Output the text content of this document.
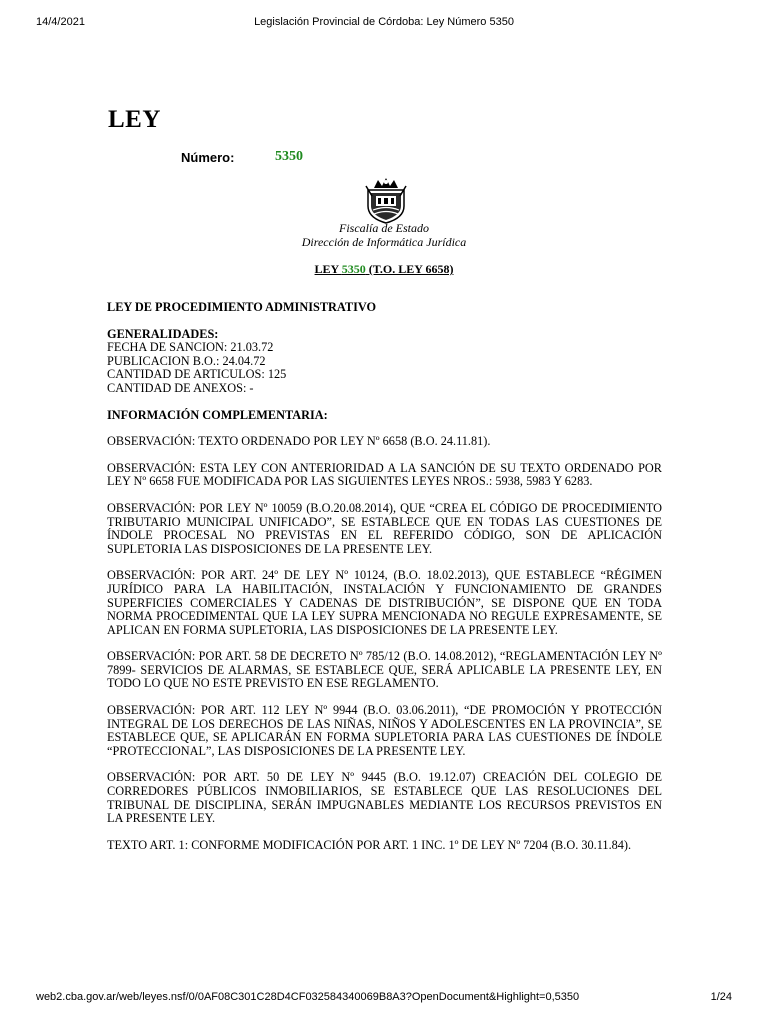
14/4/2021	Legislación Provincial de Córdoba: Ley Número 5350
LEY
Número:	5350
Fiscalía de Estado
Dirección de Informática Jurídica
LEY 5350 (T.O. LEY 6658)

LEY DE PROCEDIMIENTO ADMINISTRATIVO

GENERALIDADES:

FECHA DE SANCION: 21.03.72

PUBLICACION B.O.: 24.04.72

CANTIDAD DE ARTICULOS: 125

CANTIDAD DE ANEXOS: -

INFORMACIÓN COMPLEMENTARIA:

OBSERVACIÓN: TEXTO ORDENADO POR LEY Nº 6658 (B.O. 24.11.81).

OBSERVACIÓN: ESTA LEY CON ANTERIORIDAD A LA SANCIÓN DE SU TEXTO ORDENADO POR LEY Nº 6658 FUE MODIFICADA POR LAS SIGUIENTES LEYES NROS.: 5938, 5983 Y 6283.

OBSERVACIÓN: POR LEY Nº 10059 (B.O.20.08.2014), QUE “CREA EL CÓDIGO DE PROCEDIMIENTO TRIBUTARIO MUNICIPAL UNIFICADO”, SE ESTABLECE QUE EN TODAS LAS CUESTIONES DE ÍNDOLE PROCESAL NO PREVISTAS EN EL REFERIDO CÓDIGO, SON DE APLICACIÓN SUPLETORIA LAS DISPOSICIONES DE LA PRESENTE LEY.

OBSERVACIÓN: POR ART. 24º DE LEY Nº 10124, (B.O. 18.02.2013), QUE ESTABLECE “RÉGIMEN JURÍDICO PARA LA HABILITACIÓN, INSTALACIÓN Y FUNCIONAMIENTO DE GRANDES SUPERFICIES COMERCIALES Y CADENAS DE DISTRIBUCIÓN”, SE DISPONE QUE EN TODA NORMA PROCEDIMENTAL QUE LA LEY SUPRA MENCIONADA NO REGULE EXPRESAMENTE, SE APLICAN EN FORMA SUPLETORIA, LAS DISPOSICIONES DE LA PRESENTE LEY.

OBSERVACIÓN: POR ART. 58 DE DECRETO Nº 785/12 (B.O. 14.08.2012), “REGLAMENTACIÓN LEY Nº 7899- SERVICIOS DE ALARMAS, SE ESTABLECE QUE, SERÁ APLICABLE LA PRESENTE LEY, EN TODO LO QUE NO ESTE PREVISTO EN ESE REGLAMENTO.

OBSERVACIÓN: POR ART. 112 LEY Nº 9944 (B.O. 03.06.2011), “DE PROMOCIÓN Y PROTECCIÓN INTEGRAL DE LOS DERECHOS DE LAS NIÑAS, NIÑOS Y ADOLESCENTES EN LA PROVINCIA”, SE ESTABLECE QUE, SE APLICARÁN EN FORMA SUPLETORIA PARA LAS CUESTIONES DE ÍNDOLE “PROTECCIONAL”, LAS DISPOSICIONES DE LA PRESENTE LEY.

OBSERVACIÓN: POR ART. 50 DE LEY Nº 9445 (B.O. 19.12.07) CREACIÓN DEL COLEGIO DE CORREDORES PÚBLICOS INMOBILIARIOS, SE ESTABLECE QUE LAS RESOLUCIONES DEL TRIBUNAL DE DISCIPLINA, SERÁN IMPUGNABLES MEDIANTE LOS RECURSOS PREVISTOS EN LA PRESENTE LEY.

TEXTO ART. 1: CONFORME MODIFICACIÓN POR ART. 1 INC. 1º DE LEY Nº 7204 (B.O. 30.11.84).

web2.cba.gov.ar/web/leyes.nsf/0/0AF08C301C28D4CF032584340069B8A3?OpenDocument&Highlight=0,5350	1/24
